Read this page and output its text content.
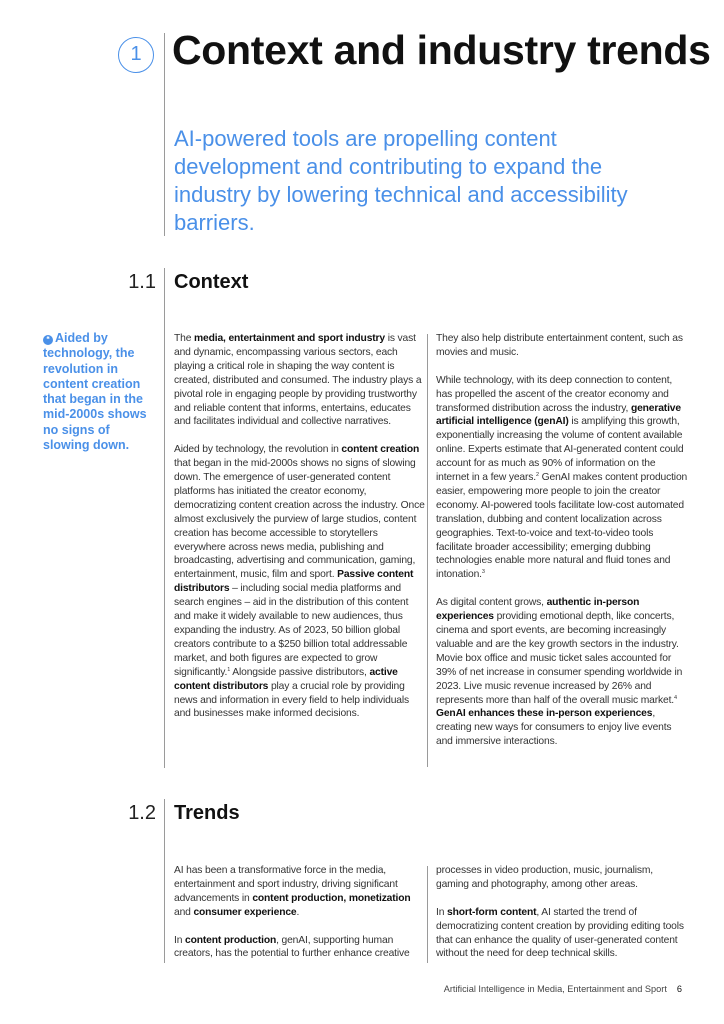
1 Context and industry trends

AI-powered tools are propelling content development and contributing to expand the industry by lowering technical and accessibility barriers.

1.1 Context
❝ Aided by technology, the revolution in content creation that began in the mid-2000s shows no signs of slowing down.

The media, entertainment and sport industry is vast and dynamic, encompassing various sectors, each playing a critical role in shaping the way content is created, distributed and consumed. The industry plays a pivotal role in engaging people by providing trustworthy and reliable content that informs, entertains, educates and facilitates individual and collective narratives.

Aided by technology, the revolution in content creation that began in the mid-2000s shows no signs of slowing down. The emergence of user-generated content platforms has initiated the creator economy, democratizing content creation across the industry. Once almost exclusively the purview of large studios, content creation has become accessible to storytellers everywhere across news media, publishing and broadcasting, advertising and communication, gaming, entertainment, music, film and sport. Passive content distributors – including social media platforms and search engines – aid in the distribution of this content and make it widely available to new audiences, thus expanding the industry. As of 2023, 50 billion global creators contribute to a $250 billion total addressable market, and both figures are expected to grow significantly.$^1$ Alongside passive distributors, active content distributors play a crucial role by providing news and information in every field to help individuals and businesses make informed decisions.

They also help distribute entertainment content, such as movies and music.

While technology, with its deep connection to content, has propelled the ascent of the creator economy and transformed distribution across the industry, generative artificial intelligence (genAI) is amplifying this growth, exponentially increasing the volume of content available online. Experts estimate that AI-generated content could account for as much as 90% of information on the internet in a few years.$^2$ GenAI makes content production easier, empowering more people to join the creator economy. AI-powered tools facilitate low-cost automated translation, dubbing and content localization across geographies. Text-to-voice and text-to-video tools facilitate broader accessibility; emerging dubbing technologies enable more natural and fluid tones and intonation.$^3$

As digital content grows, authentic in-person experiences providing emotional depth, like concerts, cinema and sport events, are becoming increasingly valuable and are the key growth sectors in the industry. Movie box office and music ticket sales accounted for 39% of net increase in consumer spending worldwide in 2023. Live music revenue increased by 26% and represents more than half of the overall music market.$^4$ GenAI enhances these in-person experiences, creating new ways for consumers to enjoy live events and immersive interactions.

1.2 Trends

AI has been a transformative force in the media, entertainment and sport industry, driving significant advancements in content production, monetization and consumer experience.

In content production, genAI, supporting human creators, has the potential to further enhance creative

processes in video production, music, journalism, gaming and photography, among other areas.

In short-form content, AI started the trend of democratizing content creation by providing editing tools that can enhance the quality of user-generated content without the need for deep technical skills.

Artificial Intelligence in Media, Entertainment and Sport 6
